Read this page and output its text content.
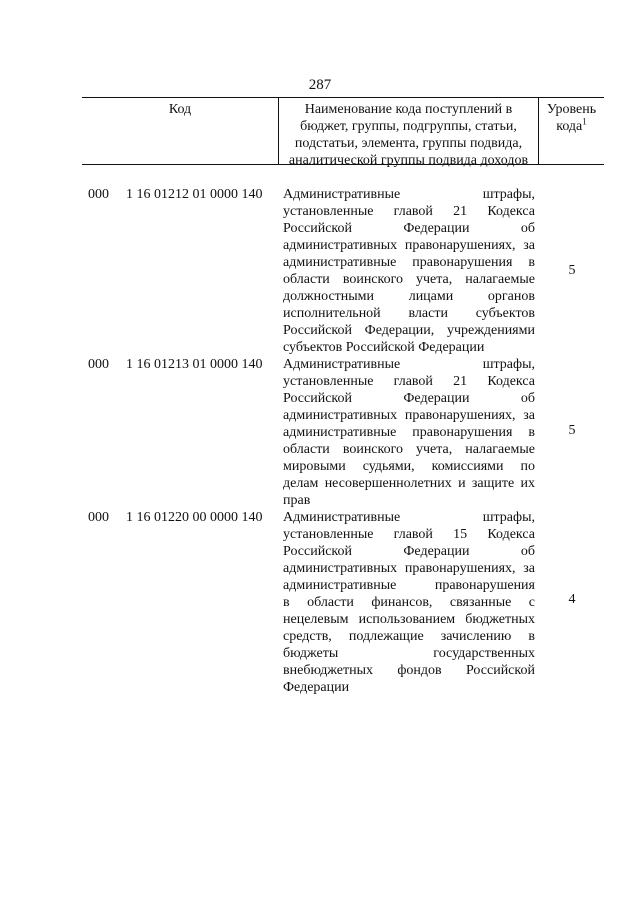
287
Код	Наименование кода поступлений в
бюджет, группы, подгруппы, статьи,
подстатьи, элемента, группы подвида,
аналитической группы подвида доходов
Уровень
кода$^1$
000 1 16 01212 01 0000 140 Административные	штрафы,
установленные главой 21 Кодекса
Российской	Федерации	об
административных правонарушениях, за
административные правонарушения в
области воинского учета, налагаемые
должностными лицами органов
исполнительной власти субъектов
Российской Федерации, учреждениями
субъектов Российской Федерации
5
000 1 16 01213 01 0000 140 Административные	штрафы,
установленные главой 21 Кодекса
Российской	Федерации	об
административных правонарушениях, за
административные правонарушения в
области воинского учета, налагаемые
мировыми судьями, комиссиями по
делам несовершеннолетних и защите их
прав
5
000 1 16 01220 00 0000 140 Административные	штрафы,
установленные главой 15 Кодекса
Российской	Федерации	об
административных правонарушениях, за
административные	правонарушения
в области финансов, связанные с
нецелевым использованием бюджетных
средств, подлежащие зачислению в
бюджеты	государственных
внебюджетных фондов Российской
Федерации
4
